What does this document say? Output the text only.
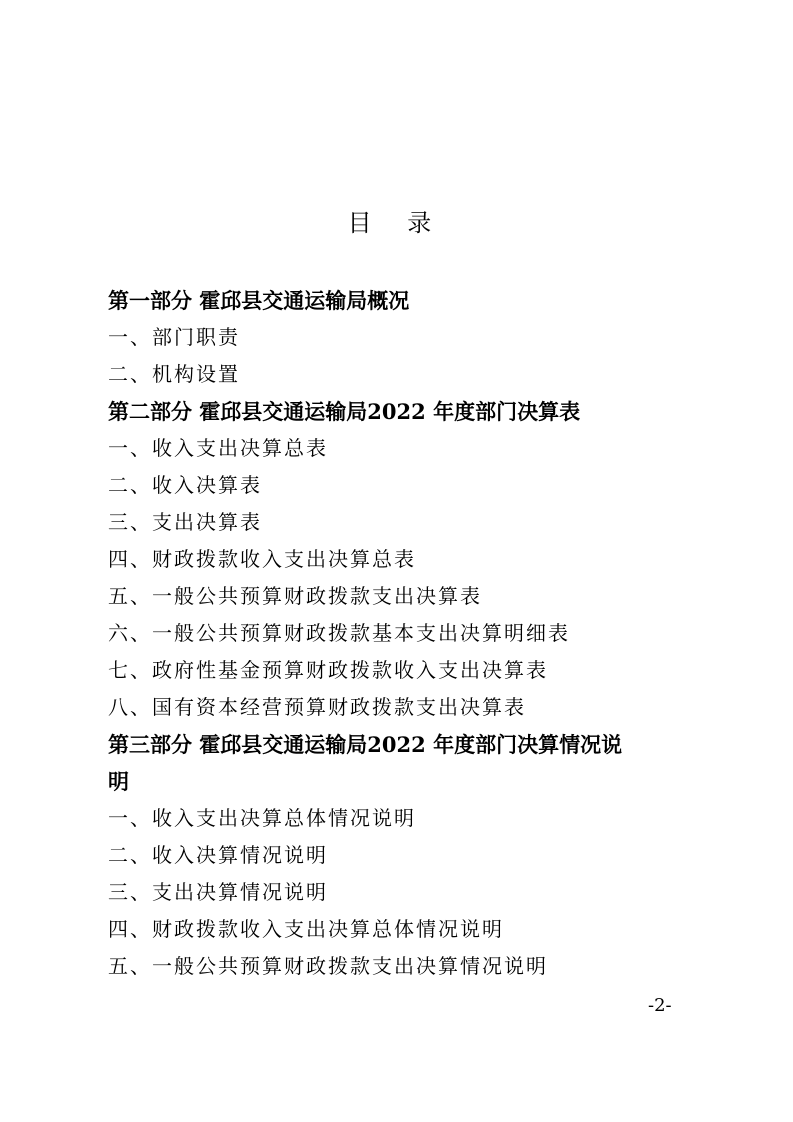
目 录

第一部分 霍邱县交通运输局概况

一、部门职责

二、机构设置

第二部分 霍邱县交通运输局2022 年度部门决算表

一、收入支出决算总表

二、收入决算表

三、支出决算表

四、财政拨款收入支出决算总表

五、一般公共预算财政拨款支出决算表

六、一般公共预算财政拨款基本支出决算明细表

七、政府性基金预算财政拨款收入支出决算表

八、国有资本经营预算财政拨款支出决算表

第三部分 霍邱县交通运输局2022 年度部门决算情况说

明

一、收入支出决算总体情况说明

二、收入决算情况说明

三、支出决算情况说明

四、财政拨款收入支出决算总体情况说明

五、一般公共预算财政拨款支出决算情况说明

-2-
